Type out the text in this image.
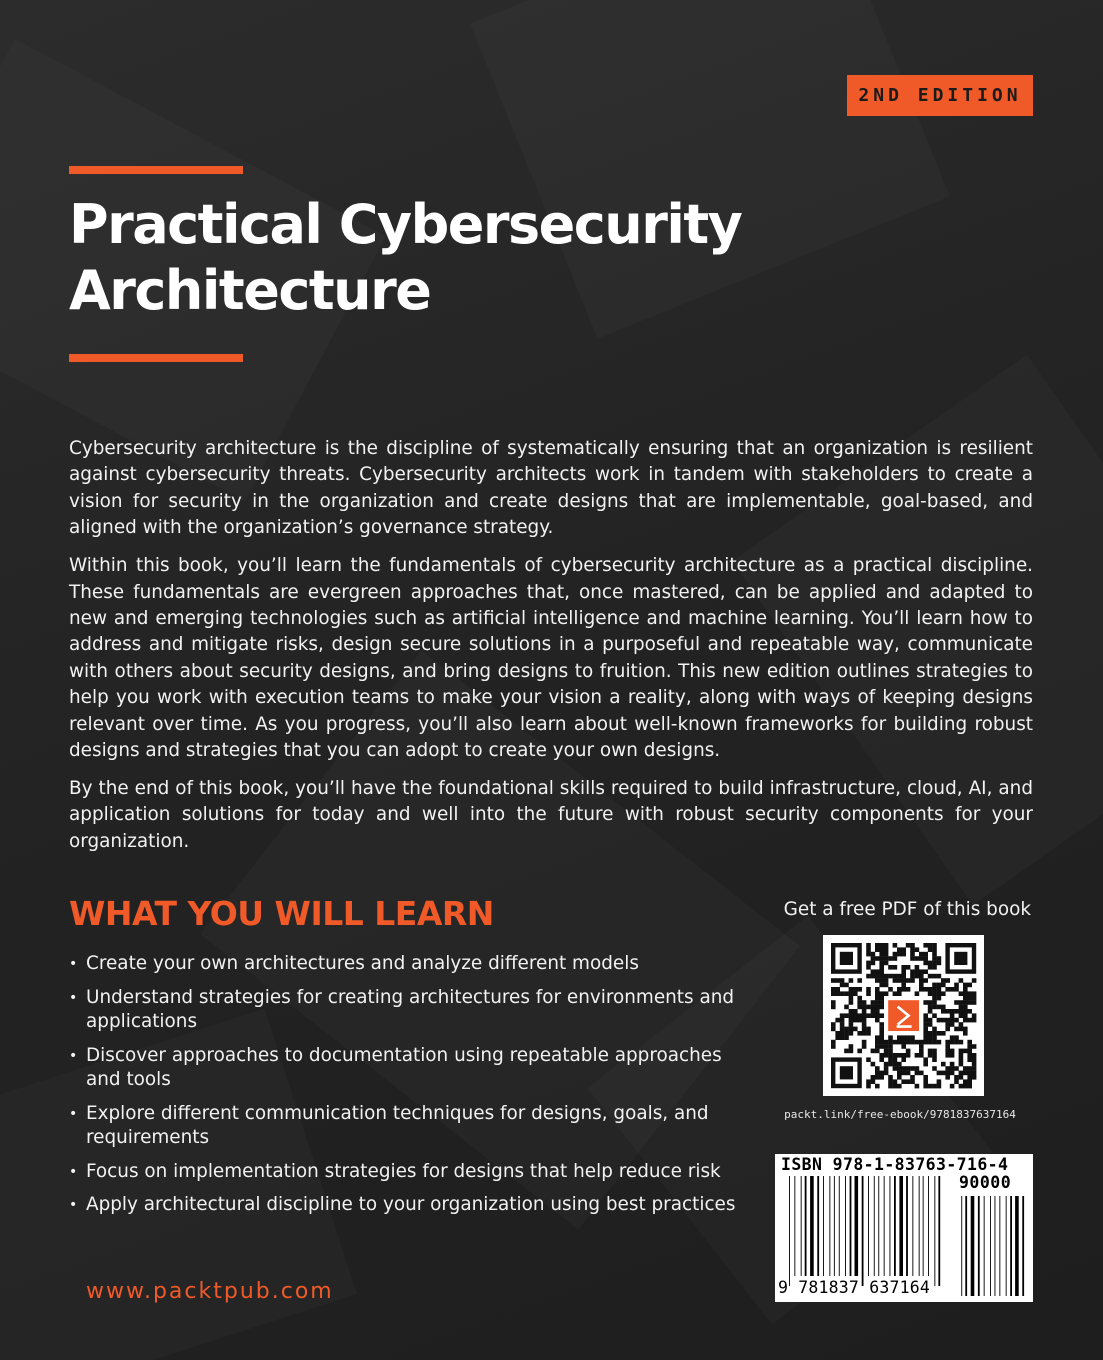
2ND EDITION
Practical Cybersecurity
Architecture

Cybersecurity architecture is the discipline of systematically ensuring that an organization is resilient against cybersecurity threats. Cybersecurity architects work in tandem with stakeholders to create a vision for security in the organization and create designs that are implementable, goal-based, and aligned with the organization’s governance strategy.

Within this book, you’ll learn the fundamentals of cybersecurity architecture as a practical discipline. These fundamentals are evergreen approaches that, once mastered, can be applied and adapted to new and emerging technologies such as artificial intelligence and machine learning. You’ll learn how to address and mitigate risks, design secure solutions in a purposeful and repeatable way, communicate with others about security designs, and bring designs to fruition. This new edition outlines strategies to help you work with execution teams to make your vision a reality, along with ways of keeping designs relevant over time. As you progress, you’ll also learn about well-known frameworks for building robust designs and strategies that you can adopt to create your own designs.

By the end of this book, you’ll have the foundational skills required to build infrastructure, cloud, AI, and application solutions for today and well into the future with robust security components for your organization.

WHAT YOU WILL LEARN
• Create your own architectures and analyze different models
• Understand strategies for creating architectures for environments and applications
• Discover approaches to documentation using repeatable approaches and tools
• Explore different communication techniques for designs, goals, and requirements
• Focus on implementation strategies for designs that help reduce risk
• Apply architectural discipline to your organization using best practices
www.packtpub.com
Get a free PDF of this book
packt.link/free-ebook/9781837637164
ISBN 978-1-83763-716-4
90000
9 781837 637164
